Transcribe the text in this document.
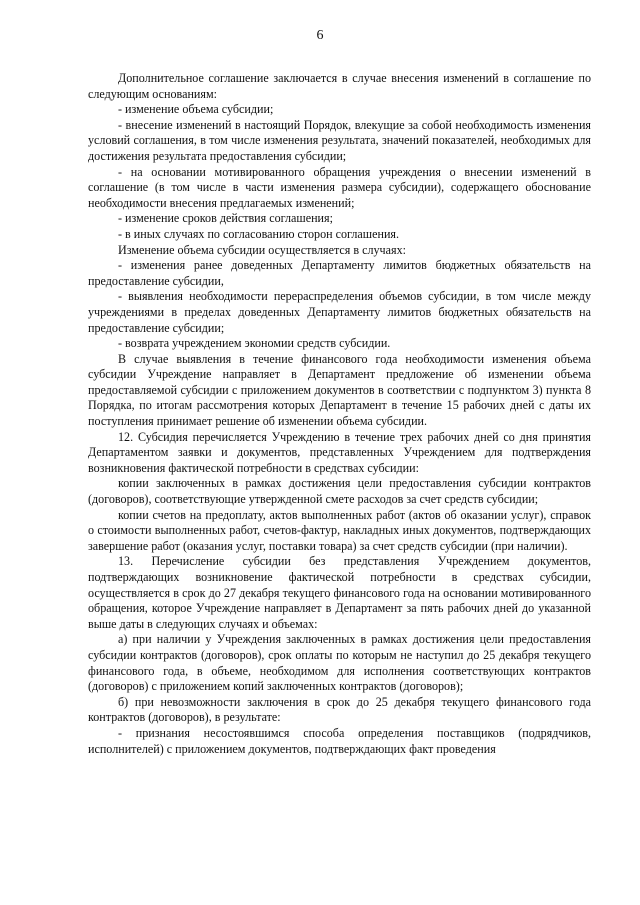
6

Дополнительное соглашение заключается в случае внесения изменений в соглашение по следующим основаниям:

- изменение объема субсидии;

- внесение изменений в настоящий Порядок, влекущие за собой необходимость изменения условий соглашения, в том числе изменения результата, значений показателей, необходимых для достижения результата предоставления субсидии;

- на основании мотивированного обращения учреждения о внесении изменений в соглашение (в том числе в части изменения размера субсидии), содержащего обоснование необходимости внесения предлагаемых изменений;

- изменение сроков действия соглашения;

- в иных случаях по согласованию сторон соглашения.

Изменение объема субсидии осуществляется в случаях:

- изменения ранее доведенных Департаменту лимитов бюджетных обязательств на предоставление субсидии,

- выявления необходимости перераспределения объемов субсидии, в том числе между учреждениями в пределах доведенных Департаменту лимитов бюджетных обязательств на предоставление субсидии;

- возврата учреждением экономии средств субсидии.

В случае выявления в течение финансового года необходимости изменения объема субсидии Учреждение направляет в Департамент предложение об изменении объема предоставляемой субсидии с приложением документов в соответствии с подпунктом 3) пункта 8 Порядка, по итогам рассмотрения которых Департамент в течение 15 рабочих дней с даты их поступления принимает решение об изменении объема субсидии.

12. Субсидия перечисляется Учреждению в течение трех рабочих дней со дня принятия Департаментом заявки и документов, представленных Учреждением для подтверждения возникновения фактической потребности в средствах субсидии:

копии заключенных в рамках достижения цели предоставления субсидии контрактов (договоров), соответствующие утвержденной смете расходов за счет средств субсидии;

копии счетов на предоплату, актов выполненных работ (актов об оказании услуг), справок о стоимости выполненных работ, счетов-фактур, накладных иных документов, подтверждающих завершение работ (оказания услуг, поставки товара) за счет средств субсидии (при наличии).

13. Перечисление субсидии без представления Учреждением документов, подтверждающих возникновение фактической потребности в средствах субсидии, осуществляется в срок до 27 декабря текущего финансового года на основании мотивированного обращения, которое Учреждение направляет в Департамент за пять рабочих дней до указанной выше даты в следующих случаях и объемах:

а) при наличии у Учреждения заключенных в рамках достижения цели предоставления субсидии контрактов (договоров), срок оплаты по которым не наступил до 25 декабря текущего финансового года, в объеме, необходимом для исполнения соответствующих контрактов (договоров) с приложением копий заключенных контрактов (договоров);

б) при невозможности заключения в срок до 25 декабря текущего финансового года контрактов (договоров), в результате:

- признания несостоявшимся способа определения поставщиков (подрядчиков, исполнителей) с приложением документов, подтверждающих факт проведения
